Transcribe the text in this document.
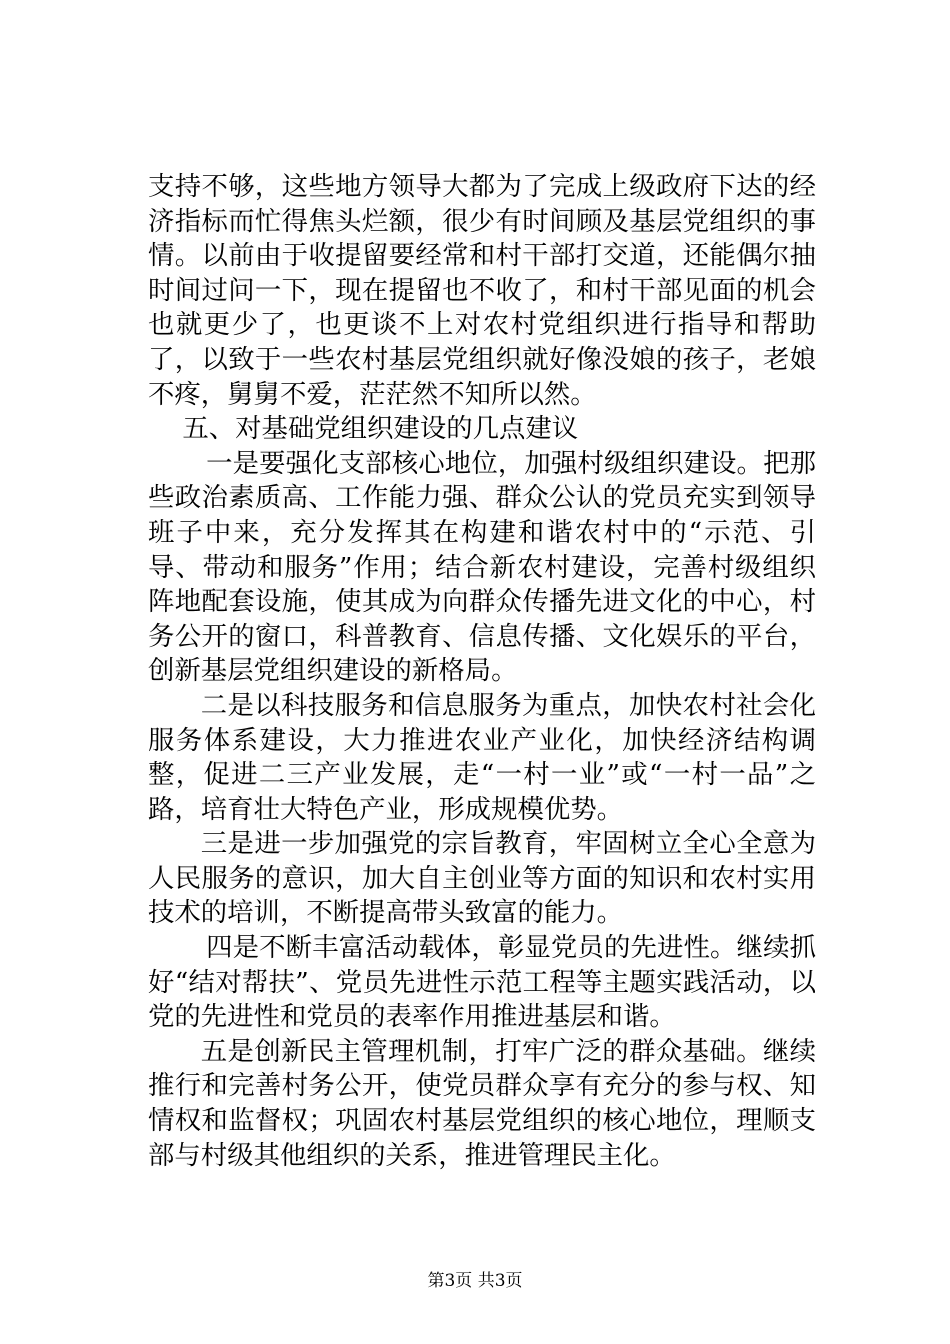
支持不够，这些地方领导大都为了完成上级政府下达的经济指标而忙得焦头烂额，很少有时间顾及基层党组织的事情。以前由于收提留要经常和村干部打交道，还能偶尔抽时间过问一下，现在提留也不收了，和村干部见面的机会也就更少了，也更谈不上对农村党组织进行指导和帮助了，以致于一些农村基层党组织就好像没娘的孩子，老娘不疼，舅舅不爱，茫茫然不知所以然。

五、对基础党组织建设的几点建议

一是要强化支部核心地位，加强村级组织建设。把那些政治素质高、工作能力强、群众公认的党员充实到领导班子中来，充分发挥其在构建和谐农村中的“示范、引导、带动和服务”作用；结合新农村建设，完善村级组织阵地配套设施，使其成为向群众传播先进文化的中心，村务公开的窗口，科普教育、信息传播、文化娱乐的平台，创新基层党组织建设的新格局。

二是以科技服务和信息服务为重点，加快农村社会化服务体系建设，大力推进农业产业化，加快经济结构调整，促进二三产业发展，走“一村一业”或“一村一品”之路，培育壮大特色产业，形成规模优势。

三是进一步加强党的宗旨教育，牢固树立全心全意为人民服务的意识，加大自主创业等方面的知识和农村实用技术的培训，不断提高带头致富的能力。

四是不断丰富活动载体，彰显党员的先进性。继续抓好“结对帮扶”、党员先进性示范工程等主题实践活动，以党的先进性和党员的表率作用推进基层和谐。

五是创新民主管理机制，打牢广泛的群众基础。继续推行和完善村务公开，使党员群众享有充分的参与权、知情权和监督权；巩固农村基层党组织的核心地位，理顺支部与村级其他组织的关系，推进管理民主化。

第3页 共3页
